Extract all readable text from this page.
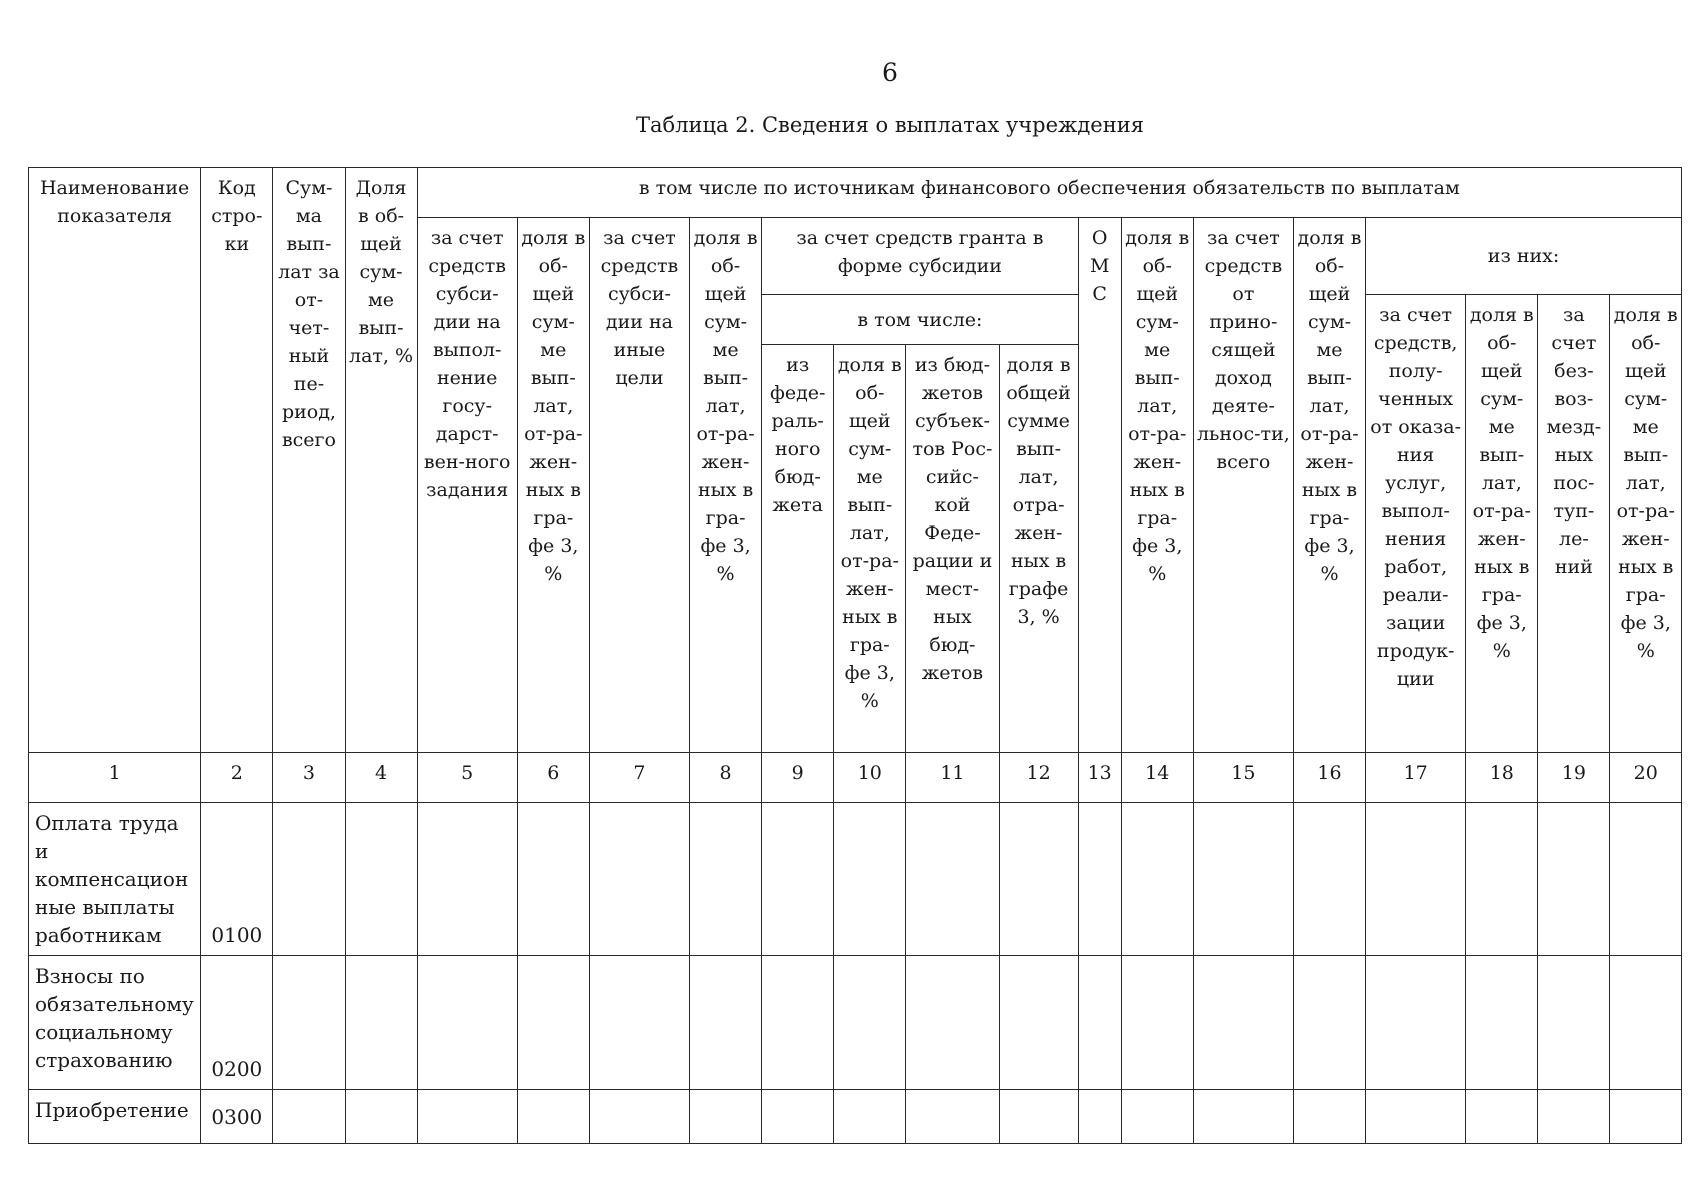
6
Таблица 2. Сведения о выплатах учреждения
Наименование показателя	Код стро-ки	Сум-ма вып-лат за от-чет-ный пе-риод, всего	Доля в об-щей сум-ме вып-лат, %	в том числе по источникам финансового обеспечения обязательств по выплатам															
				за счет средств субси-дии на выпол-нение госу-дарст-вен-ного задания	доля в об-щей сум-ме вып-лат, от-ра-жен-ных в гра-фе 3, %	за счет средств субси-дии на иные цели	доля в об-щей сум-ме вып-лат, от-ра-жен-ных в гра-фе 3, %	за счет средств гранта в форме субсидии				О М С	доля в об-щей сум-ме вып-лат, от-ра-жен-ных в гра-фе 3, %	за счет средств от прино-сящей доход деяте-льнос-ти, всего	доля в об-щей сум-ме вып-лат, от-ра-жен-ных в гра-фе 3, %	из них:			
								в том числе:								за счет средств, полу-ченных от оказа-ния услуг, выпол-нения работ, реали-зации продук-ции	доля в об-щей сум-ме вып-лат, от-ра-жен-ных в гра-фе 3, %	за счет без-воз-мезд-ных пос-туп-ле-ний	доля в об-щей сум-ме вып-лат, от-ра-жен-ных в гра-фе 3, %
								из феде-раль-ного бюд-жета	доля в об-щей сум-ме вып-лат, от-ра-жен-ных в гра-фе 3, %	из бюд-жетов субъек-тов Рос-сийс-кой Феде-рации и мест-ных бюд-жетов	доля в общей сумме вып-лат, отра-жен-ных в графе 3, %								
1	2	3	4	5	6	7	8	9	10	11	12	13	14	15	16	17	18	19	20
Оплата труда и компенсацион ные выплаты работникам	0100																		
Взносы по обязательному социальному страхованию	0200																		
Приобретение	0300																		
